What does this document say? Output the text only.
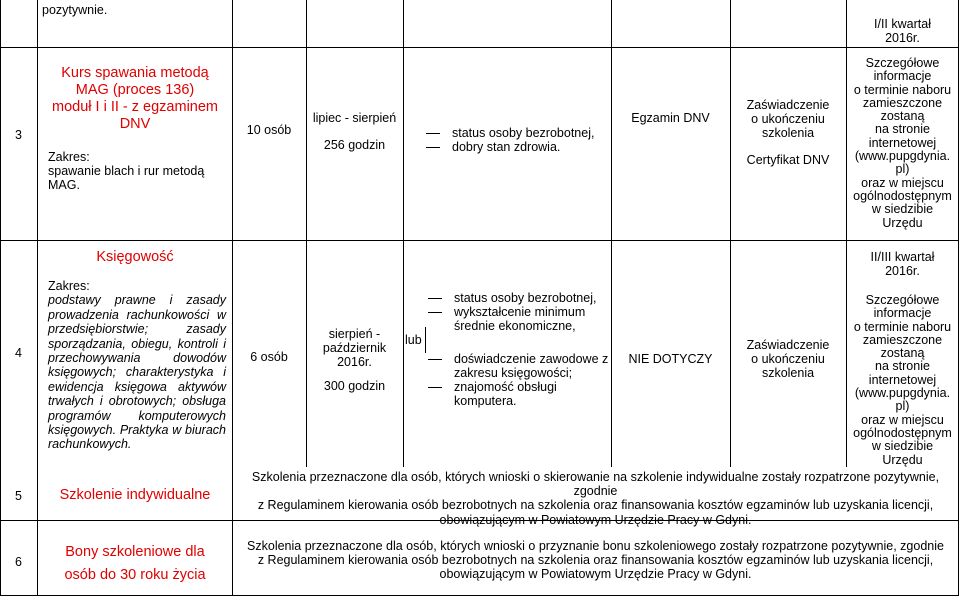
pozytywnie.
I/II kwartał
2016r.
3
Kurs spawania metodą
MAG (proces 136)
moduł I i II - z egzaminem
DNV
Zakres:
spawanie blach i rur metodą
MAG.
10 osób
lipiec - sierpień
256 godzin
status osoby bezrobotnej,
dobry stan zdrowia.
Egzamin DNV
Zaświadczenie
o ukończeniu
szkolenia
Certyfikat DNV
Szczegółowe
informacje
o terminie naboru
zamieszczone
zostaną
na stronie
internetowej
(www.pupgdynia.
pl)
oraz w miejscu
ogólnodostępnym
w siedzibie
Urzędu
4
Księgowość
Zakres:
podstawy prawne i zasady
prowadzenia rachunkowości w
przedsiębiorstwie; zasady
sporządzania, obiegu, kontroli i
przechowywania dowodów
księgowych; charakterystyka i
ewidencja księgowa aktywów
trwałych i obrotowych; obsługa
programów komputerowych
księgowych. Praktyka w biurach
rachunkowych.
6 osób
sierpień -
październik
2016r.
300 godzin
lub
status osoby bezrobotnej,
wykształcenie minimum
średnie ekonomiczne,
doświadczenie zawodowe z
zakresu księgowości;
znajomość obsługi
komputera.
NIE DOTYCZY
Zaświadczenie
o ukończeniu
szkolenia
II/III kwartał
2016r.
Szczegółowe
informacje
o terminie naboru
zamieszczone
zostaną
na stronie
internetowej
(www.pupgdynia.
pl)
oraz w miejscu
ogólnodostępnym
w siedzibie
Urzędu
5	Szkolenie indywidualne
Szkolenia przeznaczone dla osób, których wnioski o skierowanie na szkolenie indywidualne zostały rozpatrzone pozytywnie, zgodnie
z Regulaminem kierowania osób bezrobotnych na szkolenia oraz finansowania kosztów egzaminów lub uzyskania licencji,
obowiązującym w Powiatowym Urzędzie Pracy w Gdyni.
6
Bony szkoleniowe dla
osób do 30 roku życia
Szkolenia przeznaczone dla osób, których wnioski o przyznanie bonu szkoleniowego zostały rozpatrzone pozytywnie, zgodnie
z Regulaminem kierowania osób bezrobotnych na szkolenia oraz finansowania kosztów egzaminów lub uzyskania licencji,
obowiązującym w Powiatowym Urzędzie Pracy w Gdyni.
